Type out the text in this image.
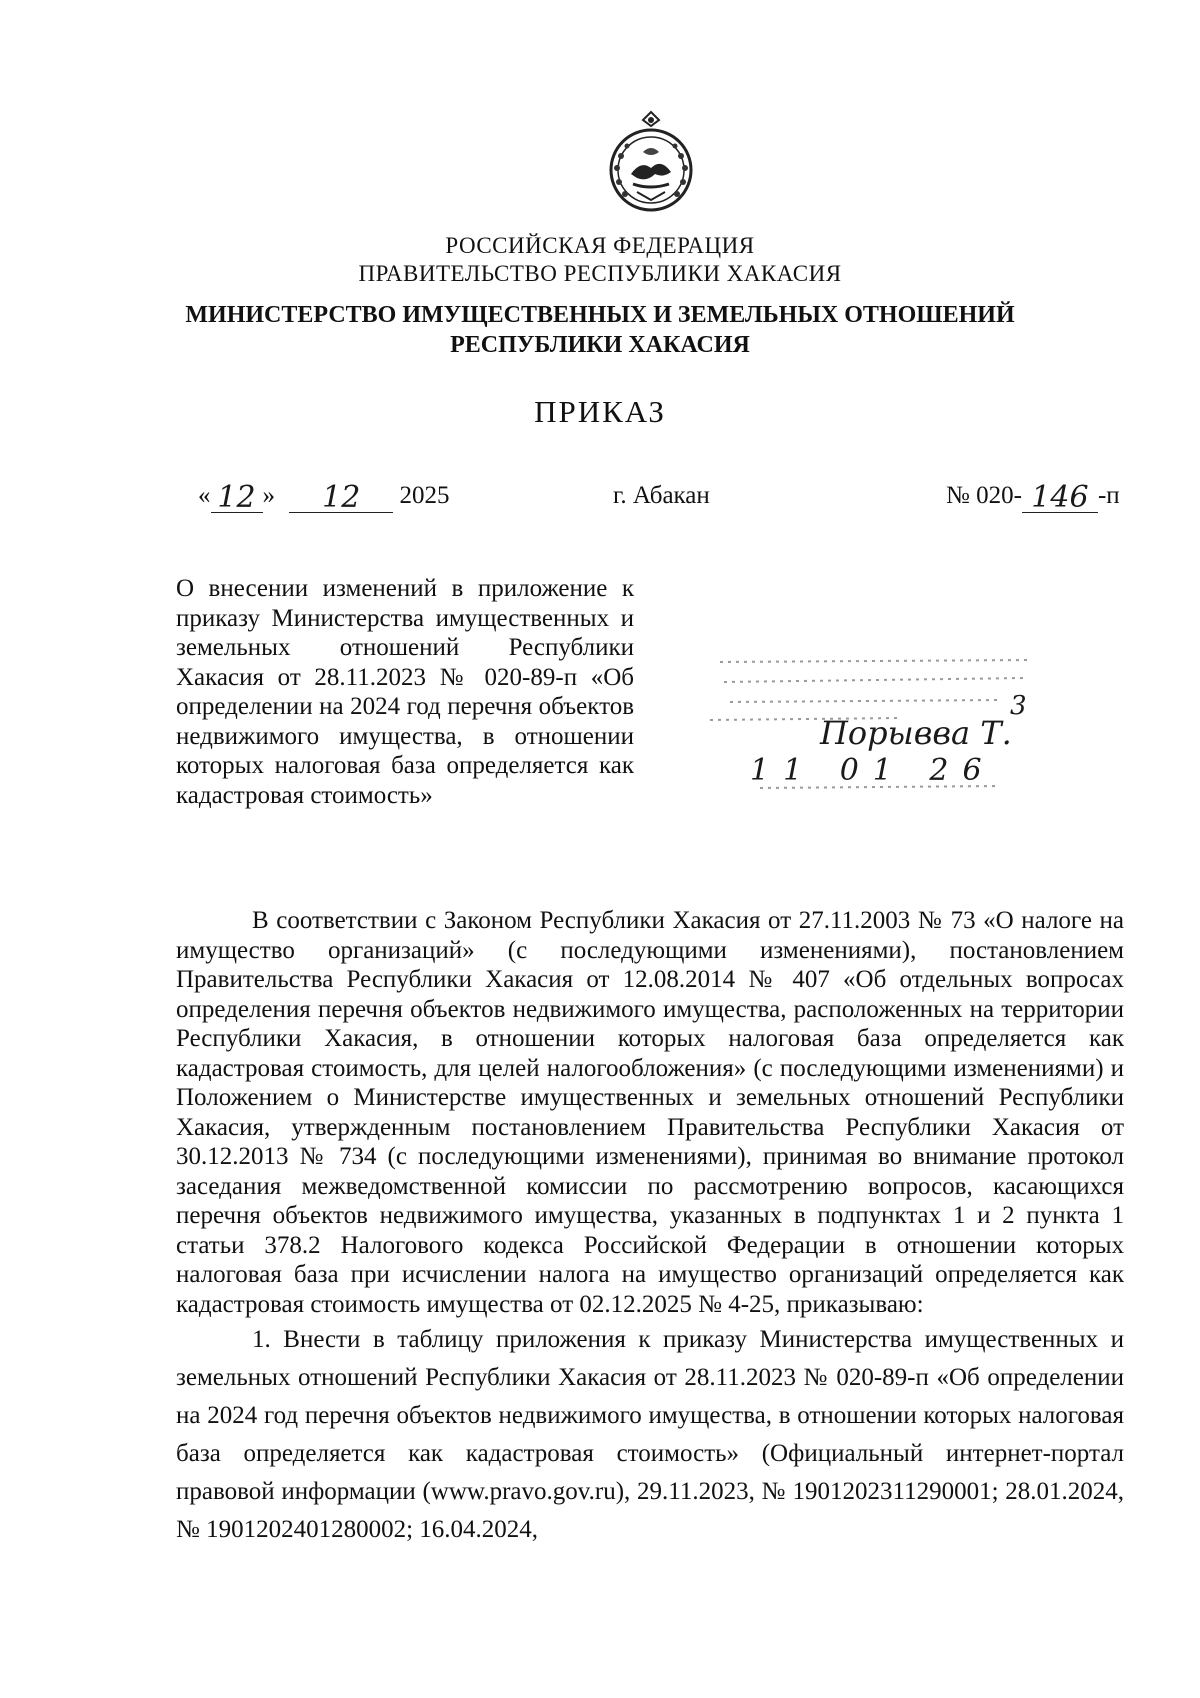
РОССИЙСКАЯ ФЕДЕРАЦИЯ
ПРАВИТЕЛЬСТВО РЕСПУБЛИКИ ХАКАСИЯ
МИНИСТЕРСТВО ИМУЩЕСТВЕННЫХ И ЗЕМЕЛЬНЫХ ОТНОШЕНИЙ
РЕСПУБЛИКИ ХАКАСИЯ
ПРИКАЗ
« 12 »	12	2025	г. Абакан	№ 020- 146 -п

О внесении изменений в приложение к приказу Министерства имущественных и земельных отношений Республики Хакасия от 28.11.2023 № 020-89-п «Об определении на 2024 год перечня объектов недвижимого имущества, в отношении которых налоговая база определяется как кадастровая стоимость»

3
Порывва Т.
11 01 26

В соответствии с Законом Республики Хакасия от 27.11.2003 № 73 «О налоге на имущество организаций» (с последующими изменениями), постановлением Правительства Республики Хакасия от 12.08.2014 № 407 «Об отдельных вопросах определения перечня объектов недвижимого имущества, расположенных на территории Республики Хакасия, в отношении которых налоговая база определяется как кадастровая стоимость, для целей налогообложения» (с последующими изменениями) и Положением о Министерстве имущественных и земельных отношений Республики Хакасия, утвержденным постановлением Правительства Республики Хакасия от 30.12.2013 № 734 (с последующими изменениями), принимая во внимание протокол заседания межведомственной комиссии по рассмотрению вопросов, касающихся перечня объектов недвижимого имущества, указанных в подпунктах 1 и 2 пункта 1 статьи 378.2 Налогового кодекса Российской Федерации в отношении которых налоговая база при исчислении налога на имущество организаций определяется как кадастровая стоимость имущества от 02.12.2025 № 4-25, приказываю:

1. Внести в таблицу приложения к приказу Министерства имущественных и земельных отношений Республики Хакасия от 28.11.2023 № 020-89-п «Об определении на 2024 год перечня объектов недвижимого имущества, в отношении которых налоговая база определяется как кадастровая стоимость» (Официальный интернет-портал правовой информации (www.pravo.gov.ru), 29.11.2023, № 1901202311290001; 28.01.2024, № 1901202401280002; 16.04.2024,
